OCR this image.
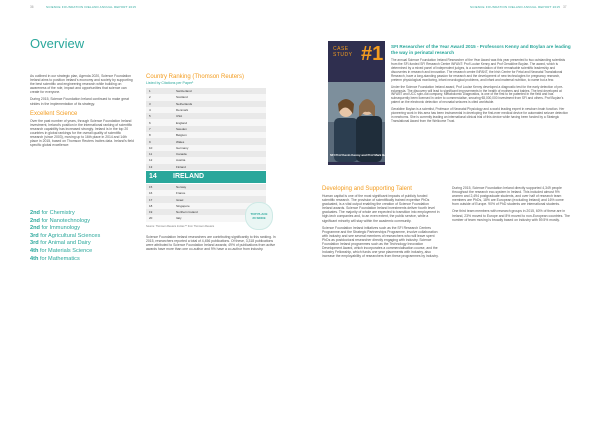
36	SCIENCE FOUNDATION IRELAND ANNUAL REPORT 2015	SCIENCE FOUNDATION IRELAND ANNUAL REPORT 2015 37
Overview

As outlined in our strategic plan, Agenda 2020, Science Foundation Ireland aims to position Ireland's economy and society by supporting the best scientific and engineering research while building on awareness of the role, impact and opportunities that science can create for everyone.

During 2015, Science Foundation Ireland continued to make great strides in the implementation of its strategy.

Excellent Science

Over the past number of years, through Science Foundation Ireland investment, Ireland's position in the international ranking of scientific research capability has increased strongly. Ireland is in the top 20 countries in global rankings for the overall quality of scientific research (since 2003), moving up to 16th place in 2014 and 14th place in 2015, based on Thomson Reuters Incites data. Ireland's field specific global excellence:

2nd for Chemistry
2nd for Nanotechnology
2nd for Immunology
3rd for Agricultural Sciences
3rd for Animal and Dairy
4th for Materials Science
4th for Mathematics
Country Ranking (Thomson Reuters)
Listed by Citations per Paper¹
1	Switzerland
2	Scotland
3	Netherlands
4	Denmark
5	USA
6	England
7	Sweden
8	Belgium
9	Wales
10	Germany
11	Canada
12	Austria
13	Finland
14 IRELAND
15	Norway
16	France
17	Israel
18	Singapore
19	Northern Ireland
20	Italy
Source: Thomson Reuters Incites™ from Thomson Reuters

Science Foundation Ireland researchers are contributing significantly to this ranking. In 2015, researchers reported a total of 4,456 publications. Of these, 3,318 publications were attributed to Science Foundation Ireland awards; 49% of publications from active awards have more than one co-author and 9% have a co-author from industry.

TOP PLACE 20 SINCE
CASE
STUDY #1
SFI Prof Kevin Kenny and Prof Mark Beacon
SFI Researcher of the Year Award 2015 - Professors Kenny and Boylan are leading the way in perinatal research

The annual Science Foundation Ireland Researcher of the Year Award was this year presented to two outstanding scientists from the SFI-funded SFI Research Centre INFANT: Prof Louise Kenny and Prof Geraldine Boylan. The award, which is determined by a mixed panel of independent judges, is a commendation of their remarkable scientific leadership and discoveries in research and innovation. The research centre INFANT, the Irish Centre for Fetal and Neonatal Translational Research, have a long-standing passion for research and the development of new technologies for pregnancy research, preterm physiological monitoring, infant neurological problems, and infant and maternal nutrition, to name but a few.

Under the Science Foundation Ireland award, Prof Louise Kenny developed a diagnostic test for the early detection of pre-eclampsia. The discovery will lead to significant improvements in the health of mothers and babies. The test developed at INFANT and UCC spin-out company, Metabolomic Diagnostics, is one of the first to be patented in the field and has subsequently been licensed in order to commercialise, securing €8,000,000 investment from SFI and others. Prof Boylan's patent on the electronic detection of neonatal seizures is cited worldwide.

Geraldine Boylan is a scientist, Professor of Neonatal Physiology and a world leading expert in newborn brain function. Her pioneering work in this area has been instrumental in developing the first-ever medical device for automated seizure detection in newborns. She is currently leading an international clinical trial of this device while having been funded by a Strategic Translational Award from the Wellcome Trust.

Developing and Supporting Talent

Human capital is one of the most significant impacts of publicly funded scientific research. The provision of scientifically trained expertise PhDs graduated, is a vital output enabling the creation of Science Foundation Ireland awards. Science Foundation Ireland investments deliver fourth level graduates. The majority of whole are expected to transition into employment in high-tech companies and, to an even extent, the public service, while a significant minority will stay within the academic community.

Science Foundation Ireland initiatives such as the SFI Research Centres Programme and the Strategic Partnerships Programme, involve collaboration with industry and see several members of researchers who will leave spent PhDs as postdoctoral researcher directly engaging with industry. Science Foundation Ireland programmes such as the Technology Innovation Development Award, which incorporates a commercialisation course, and the Industry Fellowship, which funds one year placements with industry, also increase the employability of researchers from these programmes by industry.

During 2015, Science Foundation Ireland directly supported 4,349 people throughout the research eco-system in Ireland. This included almost 9% women and 2,494 postgraduate students, and over half of research team members are PhDs, 18% are European (excluding Ireland) and 16% come from outside of Europe. 90% of PhD students are international students.

One third team members with research groups in 2015, 60% of these are in Ireland, 23% moved to Europe and 8% moved to non-European countries. The number of team moving is broadly based on industry with 59.5% mostly.
